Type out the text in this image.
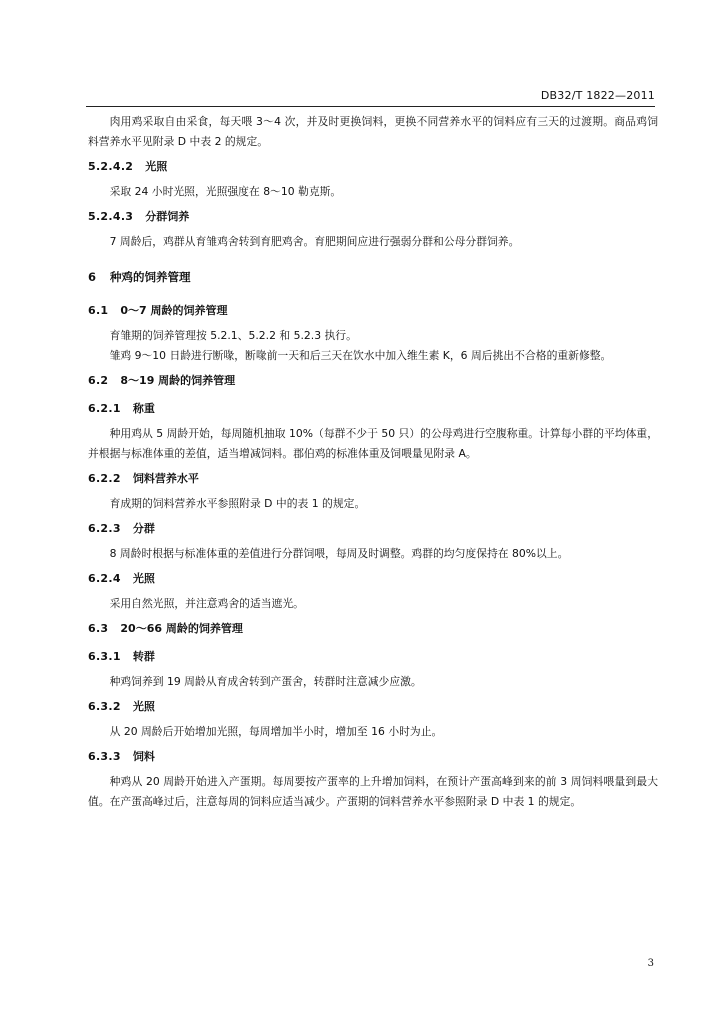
DB32/T 1822—2011

肉用鸡采取自由采食，每天喂 3～4 次，并及时更换饲料，更换不同营养水平的饲料应有三天的过渡期。商品鸡饲料营养水平见附录 D 中表 2 的规定。

5.2.4.2 光照

采取 24 小时光照，光照强度在 8～10 勒克斯。

5.2.4.3 分群饲养

7 周龄后，鸡群从育雏鸡舍转到育肥鸡舍。育肥期间应进行强弱分群和公母分群饲养。

6 种鸡的饲养管理
6.1 0～7 周龄的饲养管理

育雏期的饲养管理按 5.2.1、5.2.2 和 5.2.3 执行。

雏鸡 9～10 日龄进行断喙，断喙前一天和后三天在饮水中加入维生素 K，6 周后挑出不合格的重新修整。

6.2 8～19 周龄的饲养管理
6.2.1 称重

种用鸡从 5 周龄开始，每周随机抽取 10%（每群不少于 50 只）的公母鸡进行空腹称重。计算每小群的平均体重，并根据与标准体重的差值，适当增减饲料。郡伯鸡的标准体重及饲喂量见附录 A。

6.2.2 饲料营养水平

育成期的饲料营养水平参照附录 D 中的表 1 的规定。

6.2.3 分群

8 周龄时根据与标准体重的差值进行分群饲喂，每周及时调整。鸡群的均匀度保持在 80%以上。

6.2.4 光照

采用自然光照，并注意鸡舍的适当遮光。

6.3 20～66 周龄的饲养管理
6.3.1 转群

种鸡饲养到 19 周龄从育成舍转到产蛋舍，转群时注意减少应激。

6.3.2 光照

从 20 周龄后开始增加光照，每周增加半小时，增加至 16 小时为止。

6.3.3 饲料

种鸡从 20 周龄开始进入产蛋期。每周要按产蛋率的上升增加饲料，在预计产蛋高峰到来的前 3 周饲料喂量到最大值。在产蛋高峰过后，注意每周的饲料应适当减少。产蛋期的饲料营养水平参照附录 D 中表 1 的规定。

3
